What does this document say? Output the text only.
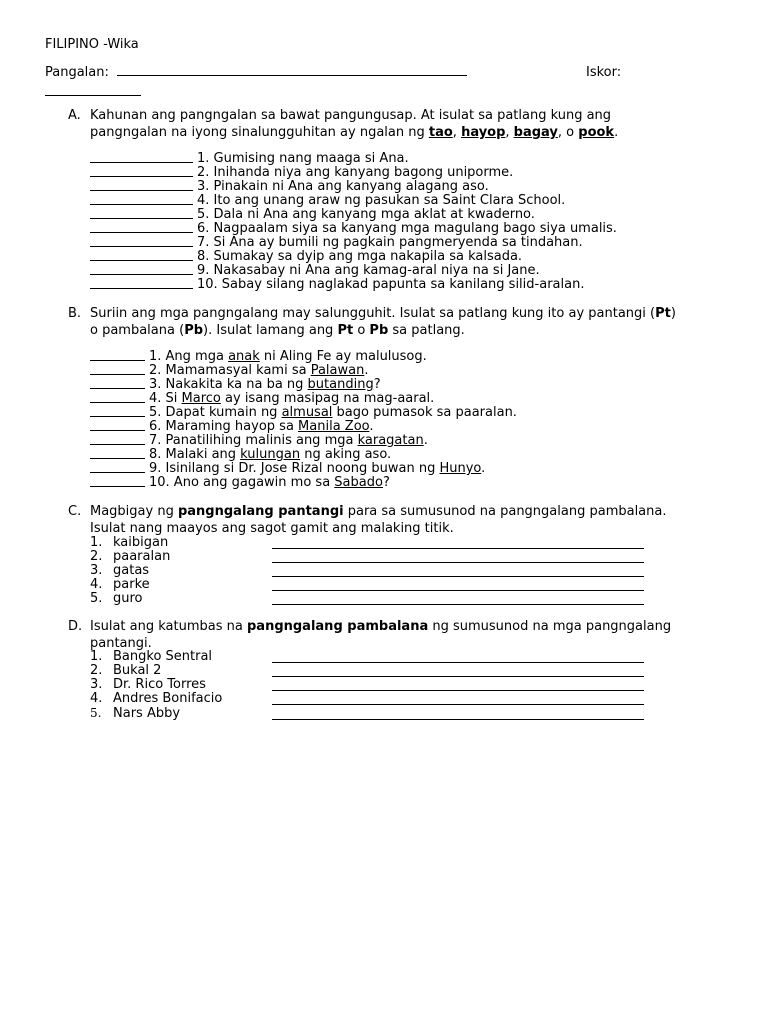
FILIPINO -Wika
Pangalan:	Iskor:
A. Kahunan ang pangngalan sa bawat pangungusap. At isulat sa patlang kung ang
pangngalan na iyong sinalungguhitan ay ngalan ng tao, hayop, bagay, o pook.
1. Gumising nang maaga si Ana.
2. Inihanda niya ang kanyang bagong uniporme.
3. Pinakain ni Ana ang kanyang alagang aso.
4. Ito ang unang araw ng pasukan sa Saint Clara School.
5. Dala ni Ana ang kanyang mga aklat at kwaderno.
6. Nagpaalam siya sa kanyang mga magulang bago siya umalis.
7. Si Ana ay bumili ng pagkain pangmeryenda sa tindahan.
8. Sumakay sa dyip ang mga nakapila sa kalsada.
9. Nakasabay ni Ana ang kamag-aral niya na si Jane.
10. Sabay silang naglakad papunta sa kanilang silid-aralan.
B. Suriin ang mga pangngalang may salungguhit. Isulat sa patlang kung ito ay pantangi (Pt)
o pambalana (Pb). Isulat lamang ang Pt o Pb sa patlang.
1. Ang mga anak ni Aling Fe ay malulusog.
2. Mamamasyal kami sa Palawan.
3. Nakakita ka na ba ng butanding?
4. Si Marco ay isang masipag na mag-aaral.
5. Dapat kumain ng almusal bago pumasok sa paaralan.
6. Maraming hayop sa Manila Zoo.
7. Panatilihing malinis ang mga karagatan.
8. Malaki ang kulungan ng aking aso.
9. Isinilang si Dr. Jose Rizal noong buwan ng Hunyo.
10. Ano ang gagawin mo sa Sabado?
C. Magbigay ng pangngalang pantangi para sa sumusunod na pangngalang pambalana.
Isulat nang maayos ang sagot gamit ang malaking titik.
1. kaibigan
2. paaralan
3. gatas
4. parke
5. guro
D. Isulat ang katumbas na pangngalang pambalana ng sumusunod na mga pangngalang
pantangi.
1. Bangko Sentral
2. Bukal 2
3. Dr. Rico Torres
4. Andres Bonifacio
5. Nars Abby
